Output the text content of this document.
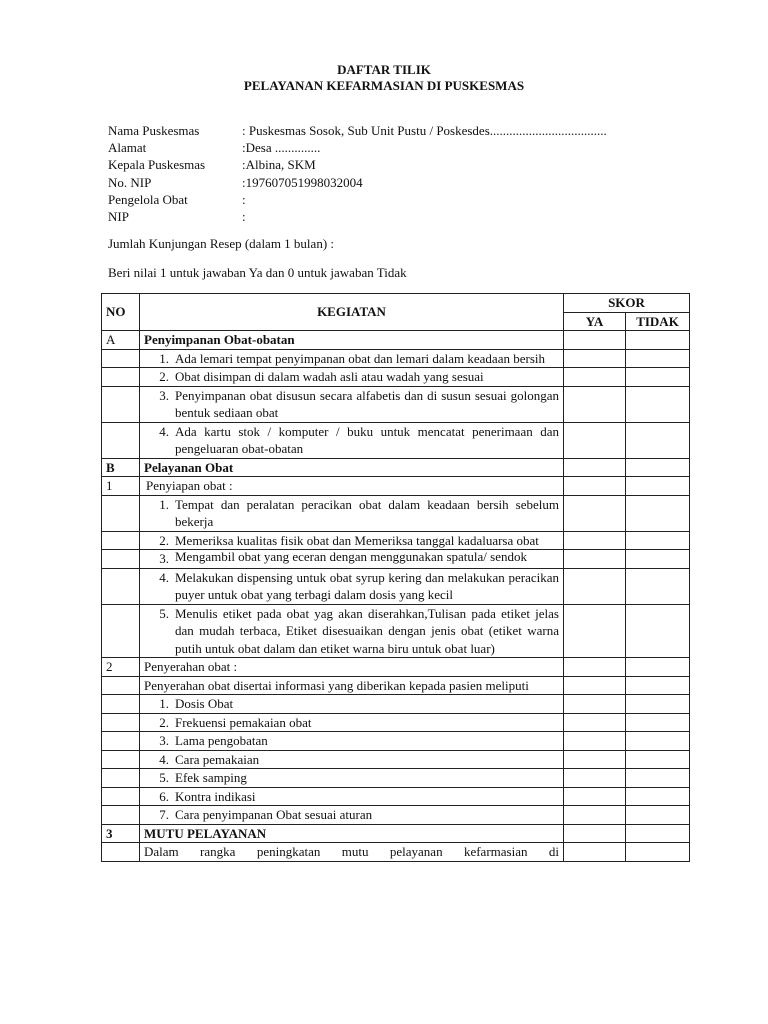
DAFTAR TILIK
PELAYANAN KEFARMASIAN DI PUSKESMAS
Nama Puskesmas	: Puskesmas Sosok, Sub Unit Pustu / Poskesdes....................................
Alamat	:Desa ..............
Kepala Puskesmas	:Albina, SKM
No. NIP	:197607051998032004
Pengelola Obat	:
NIP	:
Jumlah Kunjungan Resep (dalam 1 bulan) :
Beri nilai 1 untuk jawaban Ya dan 0 untuk jawaban Tidak
NO	KEGIATAN	SKOR	
		YA	TIDAK
A	Penyimpanan Obat-obatan		

	1. Ada lemari tempat penyimpanan obat dan lemari dalam keadaan bersih		

	2. Obat disimpan di dalam wadah asli atau wadah yang sesuai		

	3. Penyimpanan obat disusun secara alfabetis dan di susun sesuai golongan bentuk sediaan obat		

	4. Ada kartu stok / komputer / buku untuk mencatat penerimaan dan pengeluaran obat-obatan		

B	Pelayanan Obat		
1	Penyiapan obat :		

	1. Tempat dan peralatan peracikan obat dalam keadaan bersih sebelum bekerja		

	2. Memeriksa kualitas fisik obat dan Memeriksa tanggal kadaluarsa obat		

	3. Mengambil obat yang eceran dengan menggunakan spatula/ sendok		

	4. Melakukan dispensing untuk obat syrup kering dan melakukan peracikan puyer untuk obat yang terbagi dalam dosis yang kecil		

	5. Menulis etiket pada obat yag akan diserahkan,Tulisan pada etiket jelas dan mudah terbaca, Etiket disesuaikan dengan jenis obat (etiket warna putih untuk obat dalam dan etiket warna biru untuk obat luar)		

2	Penyerahan obat :		
	Penyerahan obat disertai informasi yang diberikan kepada pasien meliputi		

	1. Dosis Obat		

	2. Frekuensi pemakaian obat		

	3. Lama pengobatan		

	4. Cara pemakaian		

	5. Efek samping		

	6. Kontra indikasi		

	7. Cara penyimpanan Obat sesuai aturan		

3	MUTU PELAYANAN		
	Dalam rangka peningkatan mutu pelayanan kefarmasian di		
